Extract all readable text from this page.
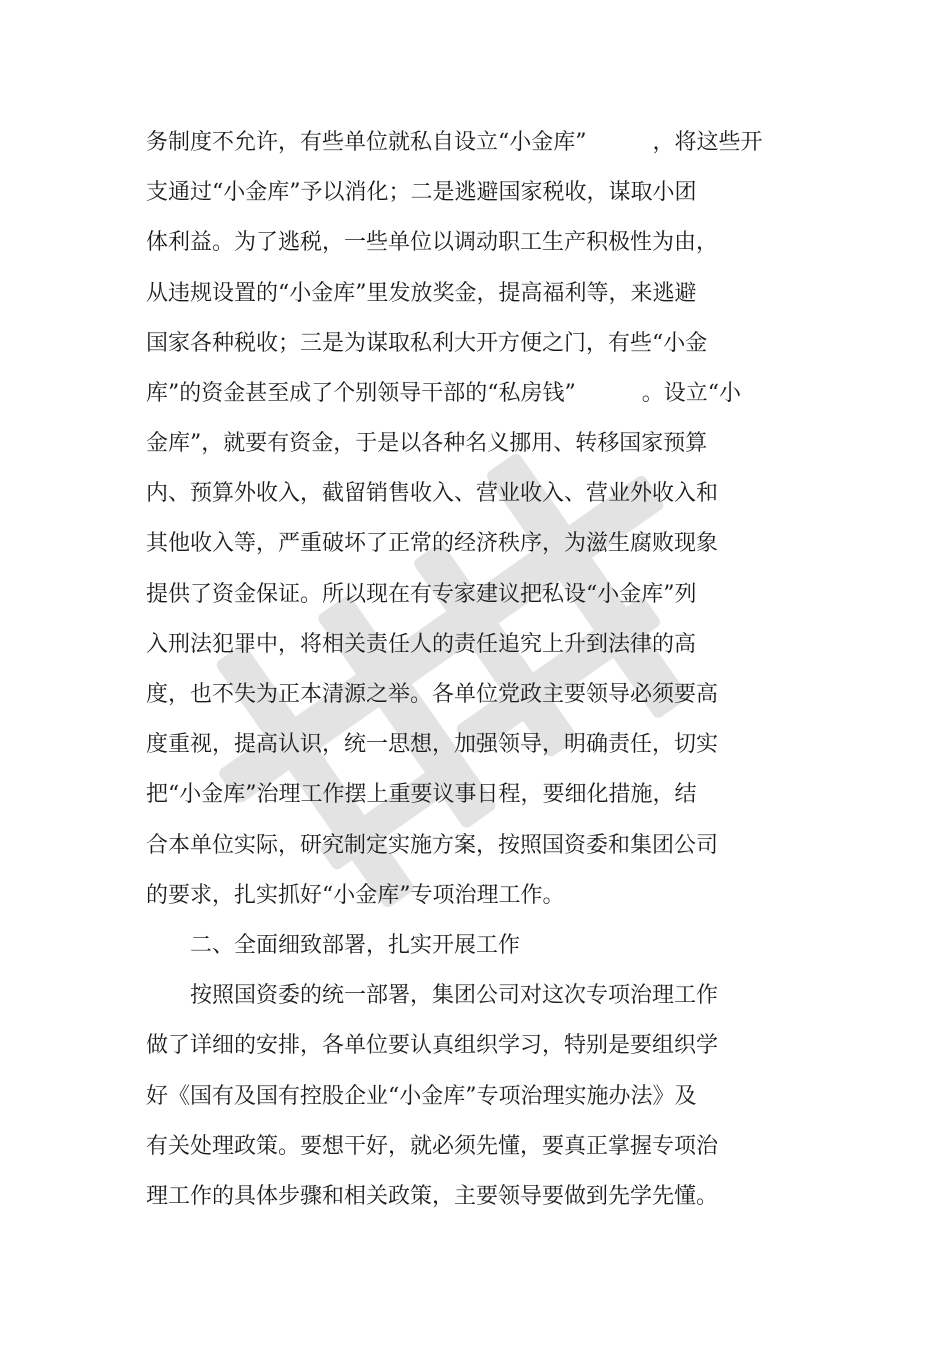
务制度不允许，有些单位就私自设立“小金库”　　　，将这些开

支通过“小金库”予以消化；二是逃避国家税收，谋取小团

体利益。为了逃税，一些单位以调动职工生产积极性为由，

从违规设置的“小金库”里发放奖金，提高福利等，来逃避

国家各种税收；三是为谋取私利大开方便之门，有些“小金

库”的资金甚至成了个别领导干部的“私房钱”　　　。设立“小

金库”，就要有资金，于是以各种名义挪用、转移国家预算

内、预算外收入，截留销售收入、营业收入、营业外收入和

其他收入等，严重破坏了正常的经济秩序，为滋生腐败现象

提供了资金保证。所以现在有专家建议把私设“小金库”列

入刑法犯罪中，将相关责任人的责任追究上升到法律的高

度，也不失为正本清源之举。各单位党政主要领导必须要高

度重视，提高认识，统一思想，加强领导，明确责任，切实

把“小金库”治理工作摆上重要议事日程，要细化措施，结

合本单位实际，研究制定实施方案，按照国资委和集团公司

的要求，扎实抓好“小金库”专项治理工作。

二、全面细致部署，扎实开展工作

按照国资委的统一部署，集团公司对这次专项治理工作

做了详细的安排，各单位要认真组织学习，特别是要组织学

好《国有及国有控股企业“小金库”专项治理实施办法》及

有关处理政策。要想干好，就必须先懂，要真正掌握专项治

理工作的具体步骤和相关政策，主要领导要做到先学先懂。
